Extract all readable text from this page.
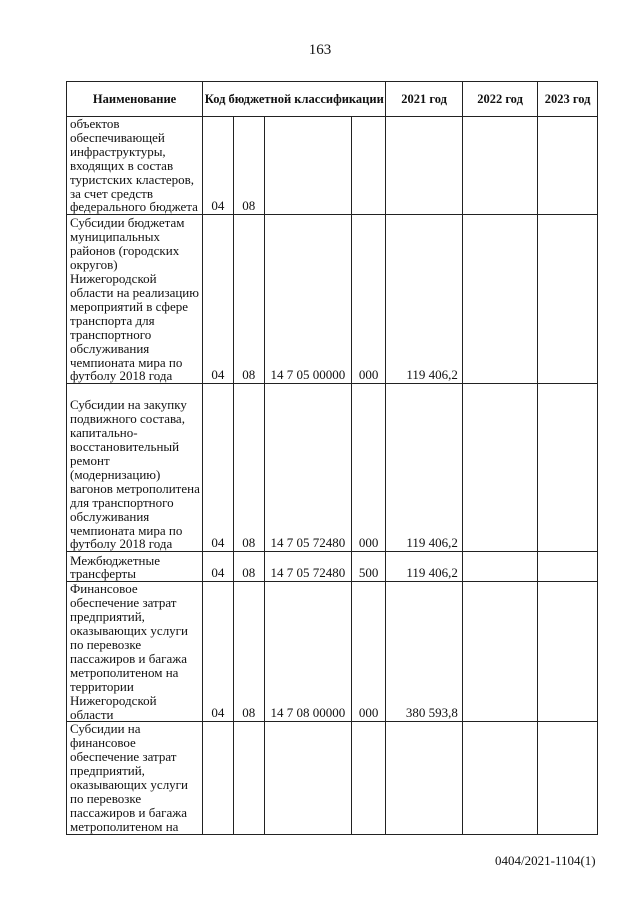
163
Наименование	Код бюджетной классификации				2021 год	2022 год	2023 год
объектов обеспечивающей инфраструктуры, входящих в состав туристских кластеров, за счет средств федерального бюджета	04	08					
Субсидии бюджетам муниципальных районов (городских округов) Нижегородской области на реализацию мероприятий в сфере транспорта для транспортного обслуживания чемпионата мира по футболу 2018 года	04	08	14 7 05 00000	000	119 406,2		
Субсидии на закупку подвижного состава, капитально-восстановительный ремонт (модернизацию) вагонов метрополитена для транспортного обслуживания чемпионата мира по футболу 2018 года	04	08	14 7 05 72480	000	119 406,2		
Межбюджетные трансферты	04	08	14 7 05 72480	500	119 406,2		
Финансовое обеспечение затрат предприятий, оказывающих услуги по перевозке пассажиров и багажа метрополитеном на территории Нижегородской области	04	08	14 7 08 00000	000	380 593,8		
Субсидии на финансовое обеспечение затрат предприятий, оказывающих услуги по перевозке пассажиров и багажа метрополитеном на							
0404/2021-1104(1)
